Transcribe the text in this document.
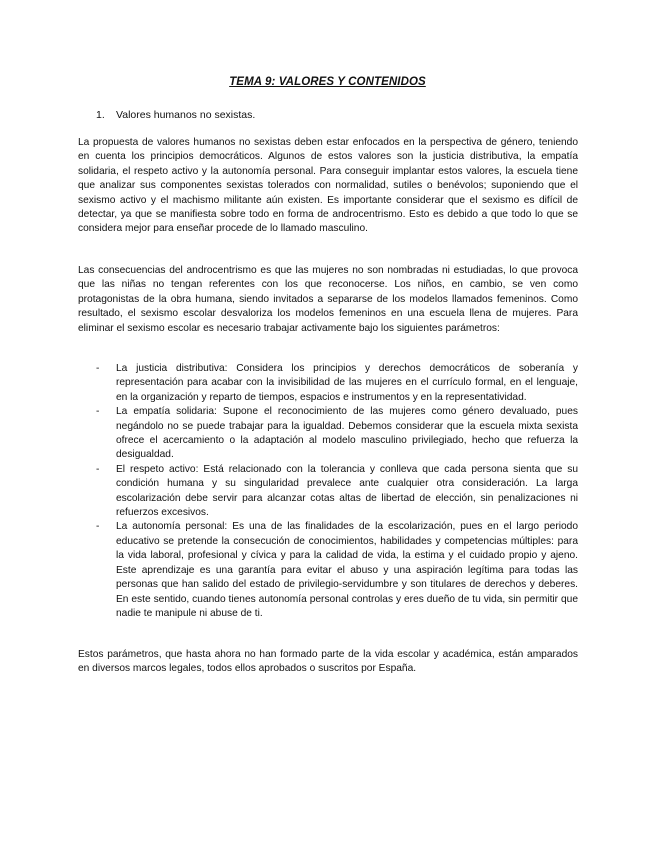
TEMA 9: VALORES Y CONTENIDOS
1. Valores humanos no sexistas.
La propuesta de valores humanos no sexistas deben estar enfocados en la perspectiva de género, teniendo en cuenta los principios democráticos. Algunos de estos valores son la justicia distributiva, la empatía solidaria, el respeto activo y la autonomía personal. Para conseguir implantar estos valores, la escuela tiene que analizar sus componentes sexistas tolerados con normalidad, sutiles o benévolos; suponiendo que el sexismo activo y el machismo militante aún existen. Es importante considerar que el sexismo es difícil de detectar, ya que se manifiesta sobre todo en forma de androcentrismo. Esto es debido a que todo lo que se considera mejor para enseñar procede de lo llamado masculino.
Las consecuencias del androcentrismo es que las mujeres no son nombradas ni estudiadas, lo que provoca que las niñas no tengan referentes con los que reconocerse. Los niños, en cambio, se ven como protagonistas de la obra humana, siendo invitados a separarse de los modelos llamados femeninos. Como resultado, el sexismo escolar desvaloriza los modelos femeninos en una escuela llena de mujeres. Para eliminar el sexismo escolar es necesario trabajar activamente bajo los siguientes parámetros:
- La justicia distributiva: Considera los principios y derechos democráticos de soberanía y representación para acabar con la invisibilidad de las mujeres en el currículo formal, en el lenguaje, en la organización y reparto de tiempos, espacios e instrumentos y en la representatividad.
- La empatía solidaria: Supone el reconocimiento de las mujeres como género devaluado, pues negándolo no se puede trabajar para la igualdad. Debemos considerar que la escuela mixta sexista ofrece el acercamiento o la adaptación al modelo masculino privilegiado, hecho que refuerza la desigualdad.
- El respeto activo: Está relacionado con la tolerancia y conlleva que cada persona sienta que su condición humana y su singularidad prevalece ante cualquier otra consideración. La larga escolarización debe servir para alcanzar cotas altas de libertad de elección, sin penalizaciones ni refuerzos excesivos.
- La autonomía personal: Es una de las finalidades de la escolarización, pues en el largo periodo educativo se pretende la consecución de conocimientos, habilidades y competencias múltiples: para la vida laboral, profesional y cívica y para la calidad de vida, la estima y el cuidado propio y ajeno. Este aprendizaje es una garantía para evitar el abuso y una aspiración legítima para todas las personas que han salido del estado de privilegio-servidumbre y son titulares de derechos y deberes. En este sentido, cuando tienes autonomía personal controlas y eres dueño de tu vida, sin permitir que nadie te manipule ni abuse de ti.
Estos parámetros, que hasta ahora no han formado parte de la vida escolar y académica, están amparados en diversos marcos legales, todos ellos aprobados o suscritos por España.
